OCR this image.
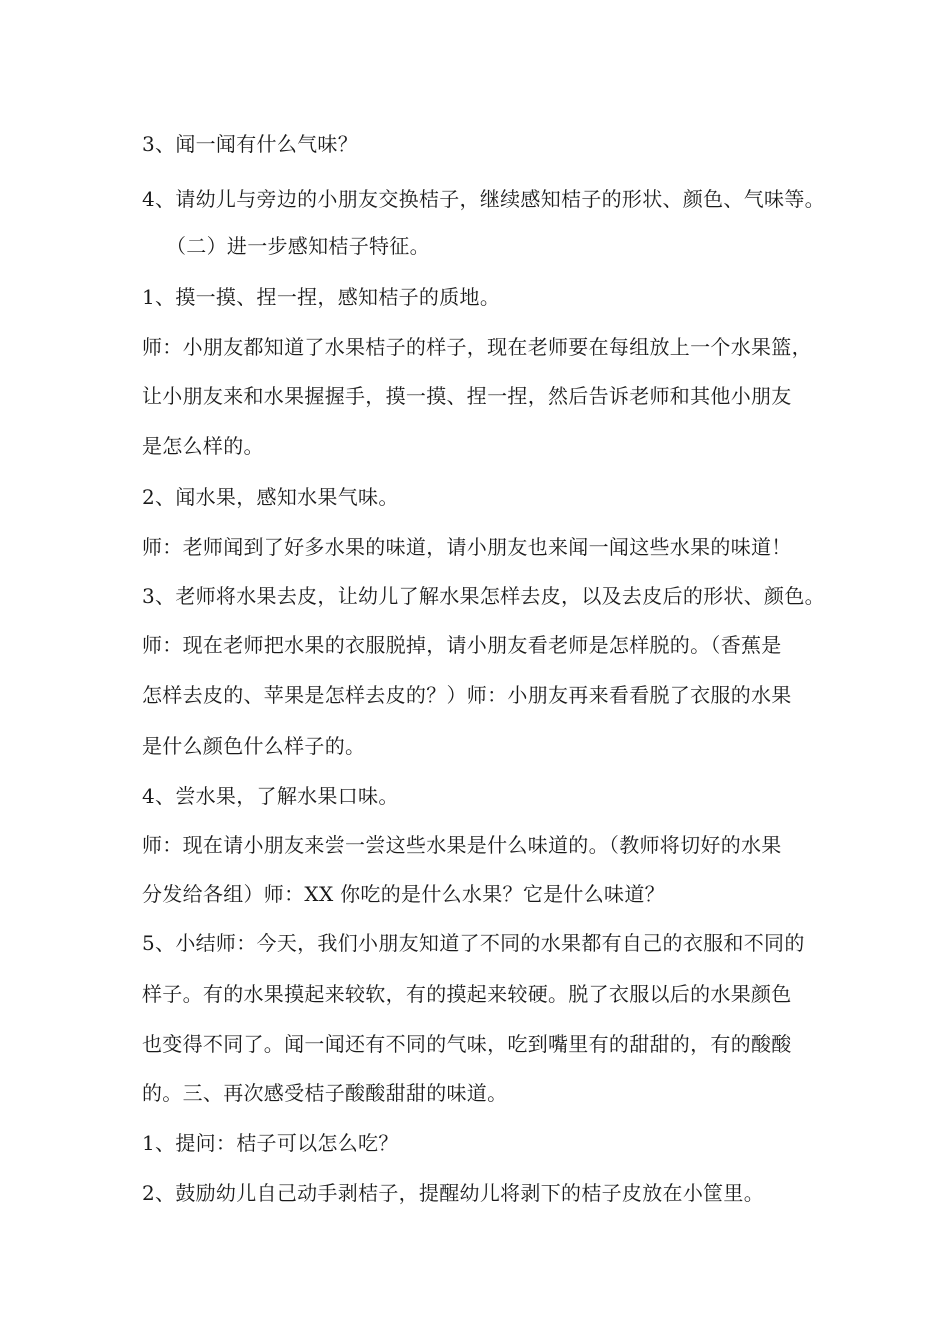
3、闻一闻有什么气味？
4、请幼儿与旁边的小朋友交换桔子，继续感知桔子的形状、颜色、气味等。
（二）进一步感知桔子特征。
1、摸一摸、捏一捏，感知桔子的质地。
师：小朋友都知道了水果桔子的样子，现在老师要在每组放上一个水果篮，
让小朋友来和水果握握手，摸一摸、捏一捏，然后告诉老师和其他小朋友
是怎么样的。
2、闻水果，感知水果气味。
师：老师闻到了好多水果的味道，请小朋友也来闻一闻这些水果的味道！
3、老师将水果去皮，让幼儿了解水果怎样去皮，以及去皮后的形状、颜色。
师：现在老师把水果的衣服脱掉，请小朋友看老师是怎样脱的。（香蕉是
怎样去皮的、苹果是怎样去皮的？）师：小朋友再来看看脱了衣服的水果
是什么颜色什么样子的。
4、尝水果，了解水果口味。
师：现在请小朋友来尝一尝这些水果是什么味道的。（教师将切好的水果
分发给各组）师：XX 你吃的是什么水果？它是什么味道？
5、小结师：今天，我们小朋友知道了不同的水果都有自己的衣服和不同的
样子。有的水果摸起来较软，有的摸起来较硬。脱了衣服以后的水果颜色
也变得不同了。闻一闻还有不同的气味，吃到嘴里有的甜甜的，有的酸酸
的。三、再次感受桔子酸酸甜甜的味道。
1、提问：桔子可以怎么吃？
2、鼓励幼儿自己动手剥桔子，提醒幼儿将剥下的桔子皮放在小筐里。
